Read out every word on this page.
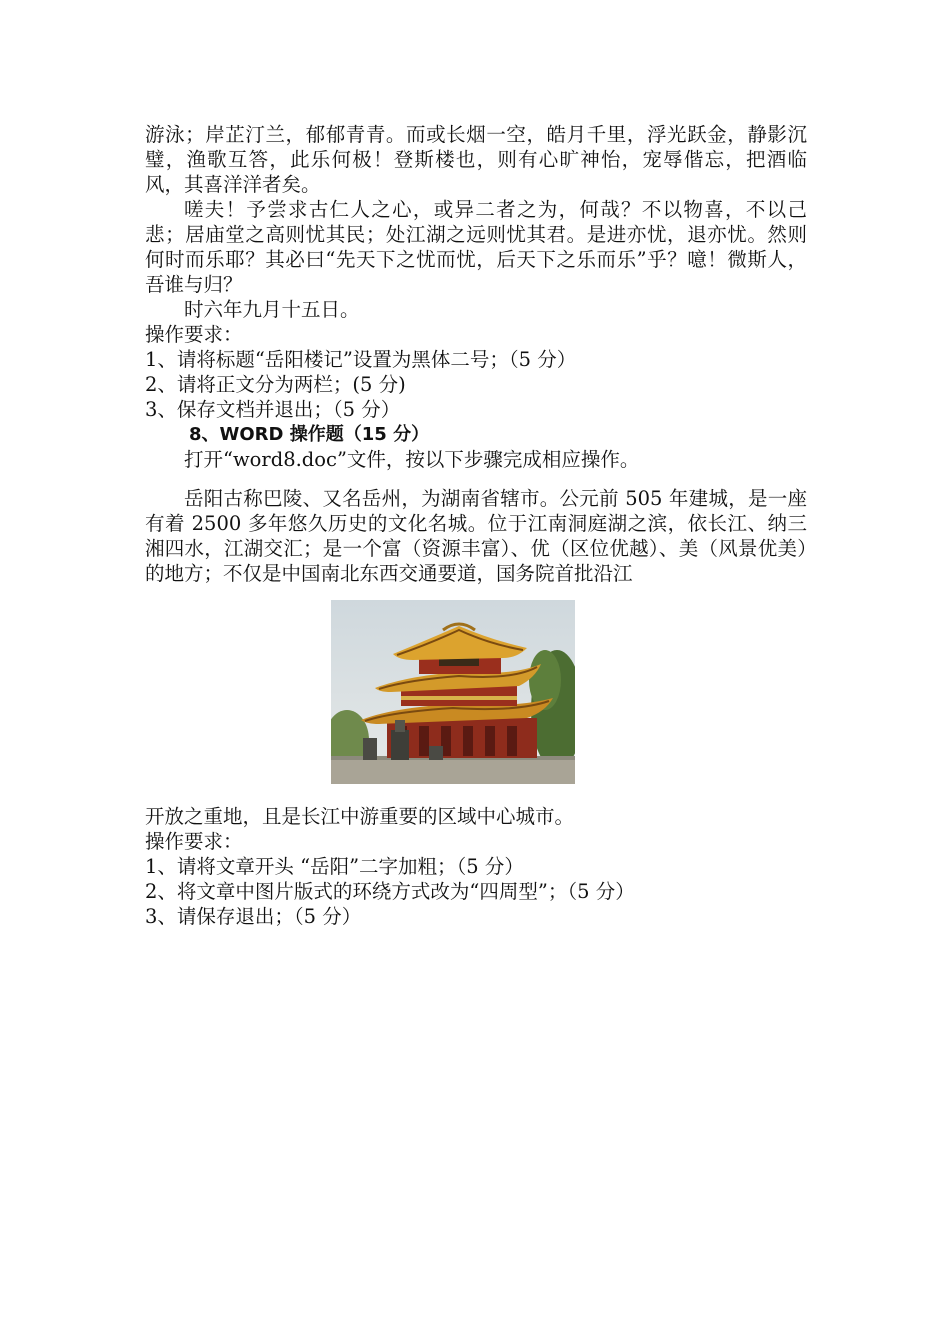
游泳；岸芷汀兰，郁郁青青。而或长烟一空，皓月千里，浮光跃金，静影沉璧，渔歌互答，此乐何极！登斯楼也，则有心旷神怡，宠辱偕忘，把酒临风，其喜洋洋者矣。

嗟夫！予尝求古仁人之心，或异二者之为，何哉？不以物喜，不以己悲；居庙堂之高则忧其民；处江湖之远则忧其君。是进亦忧，退亦忧。然则何时而乐耶？其必曰“先天下之忧而忧，后天下之乐而乐”乎？噫！微斯人，吾谁与归？

时六年九月十五日。

操作要求：

1、请将标题“岳阳楼记”设置为黑体二号；（5 分）

2、请将正文分为两栏；(5 分)

3、保存文档并退出；（5 分）

8、WORD 操作题（15 分）

打开“word8.doc”文件，按以下步骤完成相应操作。

岳阳古称巴陵、又名岳州，为湖南省辖市。公元前 505 年建城，是一座有着 2500 多年悠久历史的文化名城。位于江南洞庭湖之滨，依长江、纳三湘四水，江湖交汇；是一个富（资源丰富）、优（区位优越）、美（风景优美）的地方；不仅是中国南北东西交通要道，国务院首批沿江

开放之重地，且是长江中游重要的区域中心城市。

操作要求：

1、请将文章开头 “岳阳”二字加粗；（5 分）

2、将文章中图片版式的环绕方式改为“四周型”；（5 分）

3、请保存退出；（5 分）
